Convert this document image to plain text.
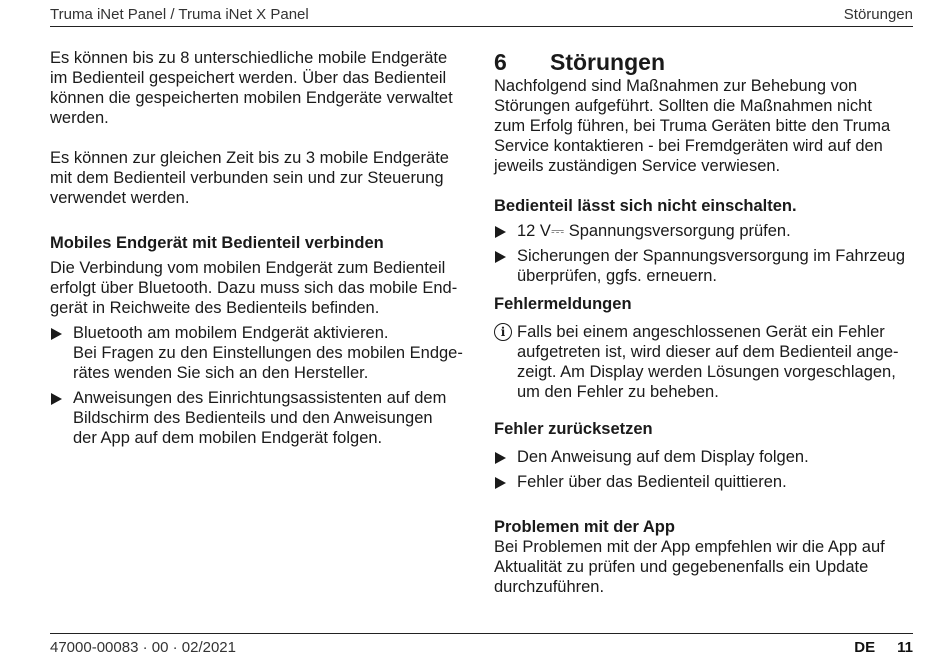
Truma iNet Panel / Truma iNet X Panel	Störungen

Es können bis zu 8 unterschiedliche mobile Endgeräte
im Bedienteil gespeichert werden. Über das Bedienteil
können die gespeicherten mobilen Endgeräte verwaltet
werden.

Es können zur gleichen Zeit bis zu 3 mobile Endgeräte
mit dem Bedienteil verbunden sein und zur Steuerung
verwendet werden.

Mobiles Endgerät mit Bedienteil verbinden

Die Verbindung vom mobilen Endgerät zum Bedienteil
erfolgt über Bluetooth. Dazu muss sich das mobile End-
gerät in Reichweite des Bedienteils befinden.

Bluetooth am mobilem Endgerät aktivieren.
Bei Fragen zu den Einstellungen des mobilen Endge-
rätes wenden Sie sich an den Hersteller.

Anweisungen des Einrichtungsassistenten auf dem
Bildschirm des Bedienteils und den Anweisungen
der App auf dem mobilen Endgerät folgen.

6	Störungen

Nachfolgend sind Maßnahmen zur Behebung von
Störungen aufgeführt. Sollten die Maßnahmen nicht
zum Erfolg führen, bei Truma Geräten bitte den Truma
Service kontaktieren - bei Fremdgeräten wird auf den
jeweils zuständigen Service verwiesen.

Bedienteil lässt sich nicht einschalten.

12 V⎓ Spannungsversorgung prüfen.

Sicherungen der Spannungsversorgung im Fahrzeug
überprüfen, ggfs. erneuern.

Fehlermeldungen

i Falls bei einem angeschlossenen Gerät ein Fehler
aufgetreten ist, wird dieser auf dem Bedienteil ange-
zeigt. Am Display werden Lösungen vorgeschlagen,
um den Fehler zu beheben.

Fehler zurücksetzen

Den Anweisung auf dem Display folgen.

Fehler über das Bedienteil quittieren.

Problemen mit der App

Bei Problemen mit der App empfehlen wir die App auf
Aktualität zu prüfen und gegebenenfalls ein Update
durchzuführen.

47000-00083 · 00 · 02/2021	DE 11
